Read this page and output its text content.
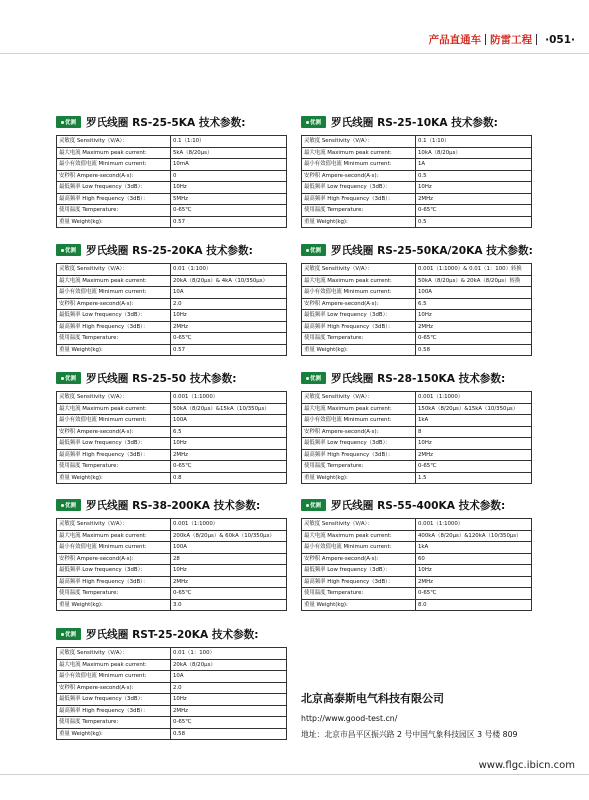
产品直通车 防雷工程 ·051·
优测 罗氏线圈 RS-25-5KA 技术参数:
灵敏度 Sensitivity（V/A）：	0.1（1:10）
最大电流 Maximum peak current:	5kA（8/20μs）
最小有效值电流 Minimum current:	10mA
安秒积 Ampere-second(A·s):	0
最低频率 Low frequency（3dB）：	10Hz
最高频率 High Frequency（3dB）：	5MHz
使用温度 Temperature:	0-65℃
重量 Weight(kg):	0.57
优测 罗氏线圈 RS-25-10KA 技术参数:
灵敏度 Sensitivity（V/A）：	0.1（1:10）
最大电流 Maximum peak current:	10kA（8/20μs）
最小有效值电流 Minimum current:	1A
安秒积 Ampere-second(A·s):	0.5
最低频率 Low frequency（3dB）：	10Hz
最高频率 High Frequency（3dB）：	2MHz
使用温度 Temperature:	0-65℃
重量 Weight(kg):	0.5
优测 罗氏线圈 RS-25-20KA 技术参数:
灵敏度 Sensitivity（V/A）：	0.01（1:100）
最大电流 Maximum peak current:	20kA（8/20μs）& 4kA（10/350μs）
最小有效值电流 Minimum current:	10A
安秒积 Ampere-second(A·s):	2.0
最低频率 Low frequency（3dB）：	10Hz
最高频率 High Frequency（3dB）：	2MHz
使用温度 Temperature:	0-65℃
重量 Weight(kg):	0.57
优测 罗氏线圈 RS-25-50KA/20KA 技术参数:
灵敏度 Sensitivity（V/A）：	0.001（1:1000）& 0.01（1：100）转换
最大电流 Maximum peak current:	50kA（8/20μs）& 20kA（8/20μs）转换
最小有效值电流 Minimum current:	100A
安秒积 Ampere-second(A·s):	6.5
最低频率 Low frequency（3dB）：	10Hz
最高频率 High Frequency（3dB）：	2MHz
使用温度 Temperature:	0-65℃
重量 Weight(kg):	0.58
优测 罗氏线圈 RS-25-50 技术参数:
灵敏度 Sensitivity（V/A）：	0.001（1:1000）
最大电流 Maximum peak current:	50kA（8/20μs）&15kA（10/350μs）
最小有效值电流 Minimum current:	100A
安秒积 Ampere-second(A·s):	6.5
最低频率 Low frequency（3dB）：	10Hz
最高频率 High Frequency（3dB）：	2MHz
使用温度 Temperature:	0-65℃
重量 Weight(kg):	0.8
优测 罗氏线圈 RS-28-150KA 技术参数:
灵敏度 Sensitivity（V/A）：	0.001（1:1000）
最大电流 Maximum peak current:	150kA（8/20μs）&15kA（10/350μs）
最小有效值电流 Minimum current:	1kA
安秒积 Ampere-second(A·s):	8
最低频率 Low frequency（3dB）：	10Hz
最高频率 High Frequency（3dB）：	2MHz
使用温度 Temperature:	0-65℃
重量 Weight(kg):	1.5
优测 罗氏线圈 RS-38-200KA 技术参数:
灵敏度 Sensitivity（V/A）：	0.001（1:1000）
最大电流 Maximum peak current:	200kA（8/20μs）& 60kA（10/350μs）
最小有效值电流 Minimum current:	100A
安秒积 Ampere-second(A·s):	28
最低频率 Low frequency（3dB）：	10Hz
最高频率 High Frequency（3dB）：	2MHz
使用温度 Temperature:	0-65℃
重量 Weight(kg):	3.0
优测 罗氏线圈 RS-55-400KA 技术参数:
灵敏度 Sensitivity（V/A）：	0.001（1:1000）
最大电流 Maximum peak current:	400kA（8/20μs）&120kA（10/350μs）
最小有效值电流 Minimum current:	1kA
安秒积 Ampere-second(A·s):	60
最低频率 Low frequency（3dB）：	10Hz
最高频率 High Frequency（3dB）：	2MHz
使用温度 Temperature:	0-65℃
重量 Weight(kg):	8.0
优测 罗氏线圈 RST-25-20KA 技术参数:
灵敏度 Sensitivity（V/A）：	0.01（1：100）
最大电流 Maximum peak current:	20kA（8/20μs）
最小有效值电流 Minimum current:	10A
安秒积 Ampere-second(A·s):	2.0
最低频率 Low frequency（3dB）：	10Hz
最高频率 High Frequency（3dB）：	2MHz
使用温度 Temperature:	0-65℃
重量 Weight(kg):	0.58
北京高泰斯电气科技有限公司
http://www.good-test.cn/
地址：北京市昌平区振兴路 2 号中国气象科技园区 3 号楼 809
www.flgc.ibicn.com
